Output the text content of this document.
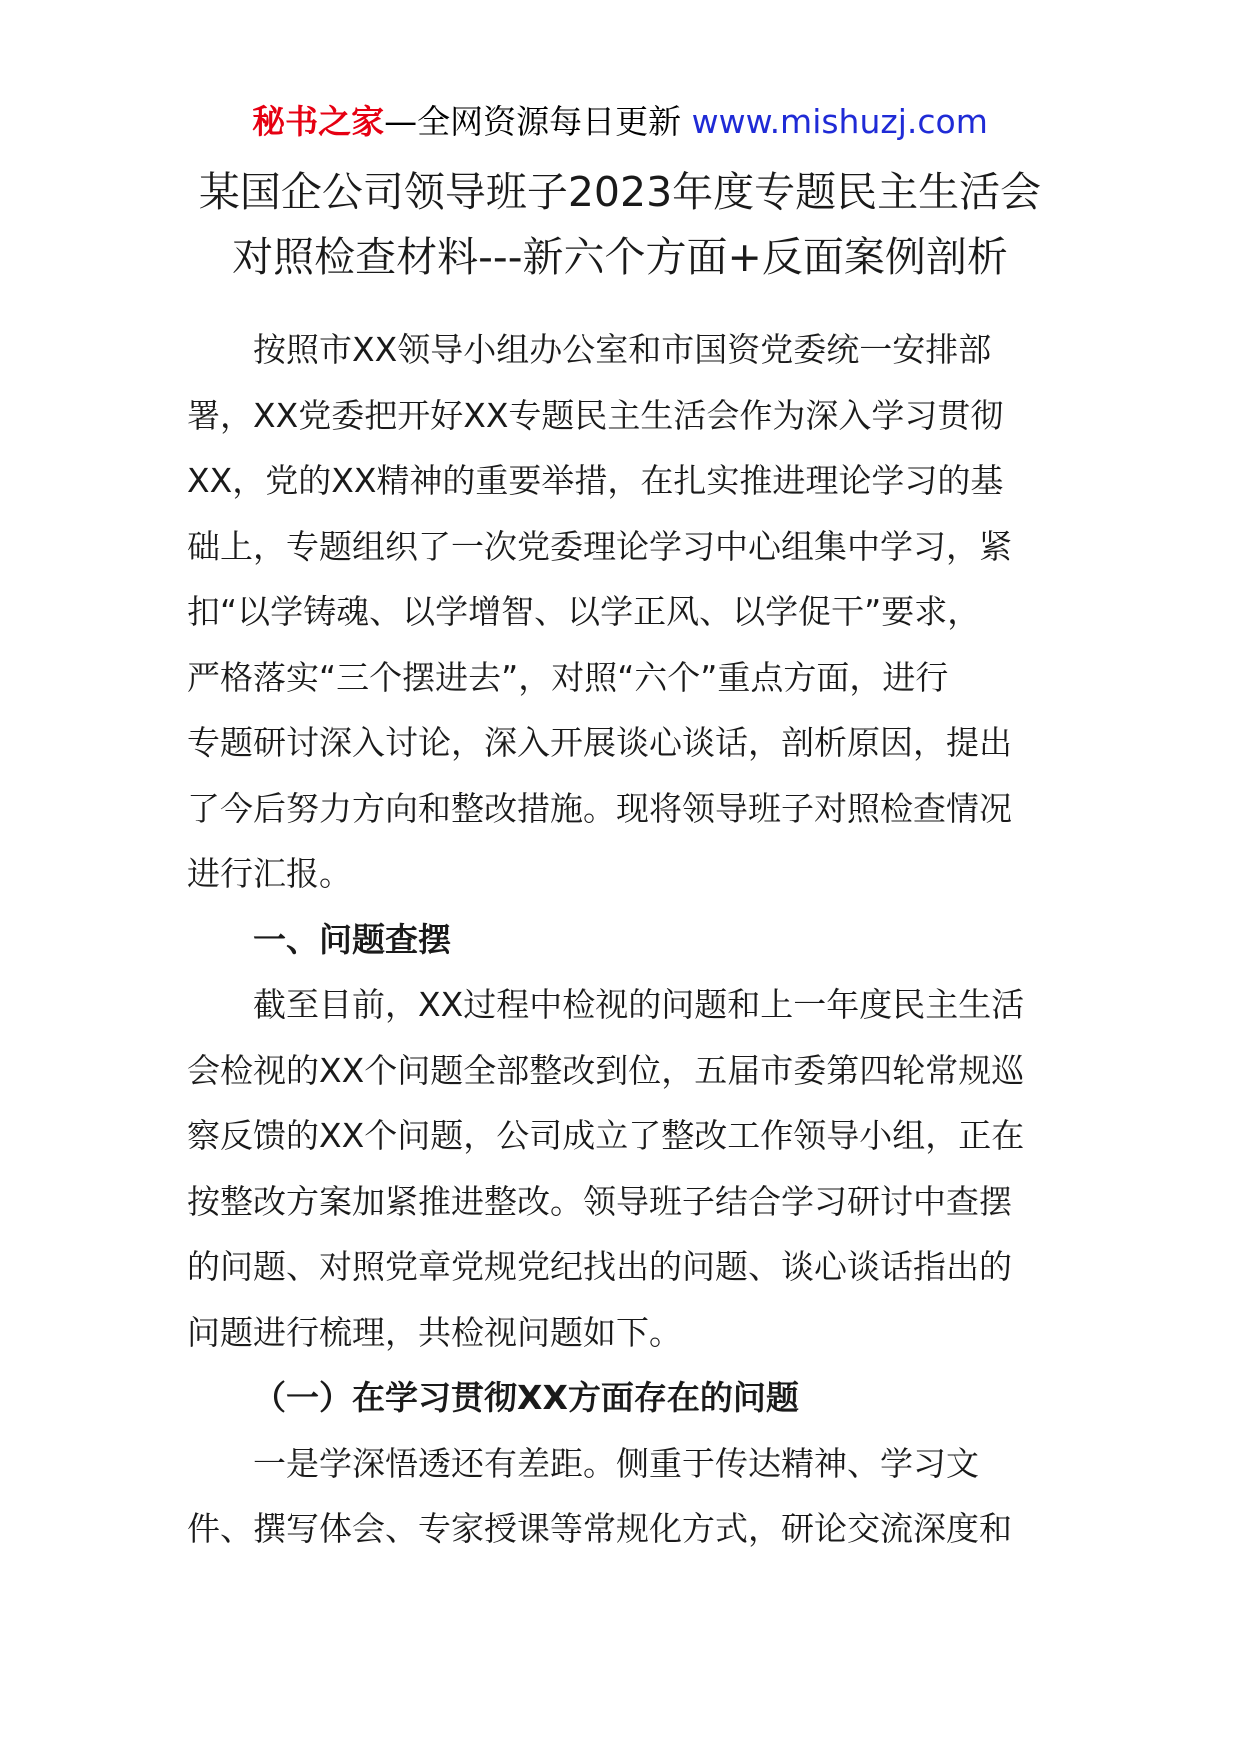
秘书之家—全网资源每日更新 www.mishuzj.com
某国企公司领导班子2023年度专题民主生活会
对照检查材料---新六个方面+反面案例剖析
按照市XX领导小组办公室和市国资党委统一安排部
署，XX党委把开好XX专题民主生活会作为深入学习贯彻
XX，党的XX精神的重要举措，在扎实推进理论学习的基
础上，专题组织了一次党委理论学习中心组集中学习，紧
扣“以学铸魂、以学增智、以学正风、以学促干”要求，
严格落实“三个摆进去”，对照“六个”重点方面，进行
专题研讨深入讨论，深入开展谈心谈话，剖析原因，提出
了今后努力方向和整改措施。现将领导班子对照检查情况
进行汇报。
一、问题查摆
截至目前，XX过程中检视的问题和上一年度民主生活
会检视的XX个问题全部整改到位，五届市委第四轮常规巡
察反馈的XX个问题，公司成立了整改工作领导小组，正在
按整改方案加紧推进整改。领导班子结合学习研讨中查摆
的问题、对照党章党规党纪找出的问题、谈心谈话指出的
问题进行梳理，共检视问题如下。
（一）在学习贯彻XX方面存在的问题
一是学深悟透还有差距。侧重于传达精神、学习文
件、撰写体会、专家授课等常规化方式，研论交流深度和
